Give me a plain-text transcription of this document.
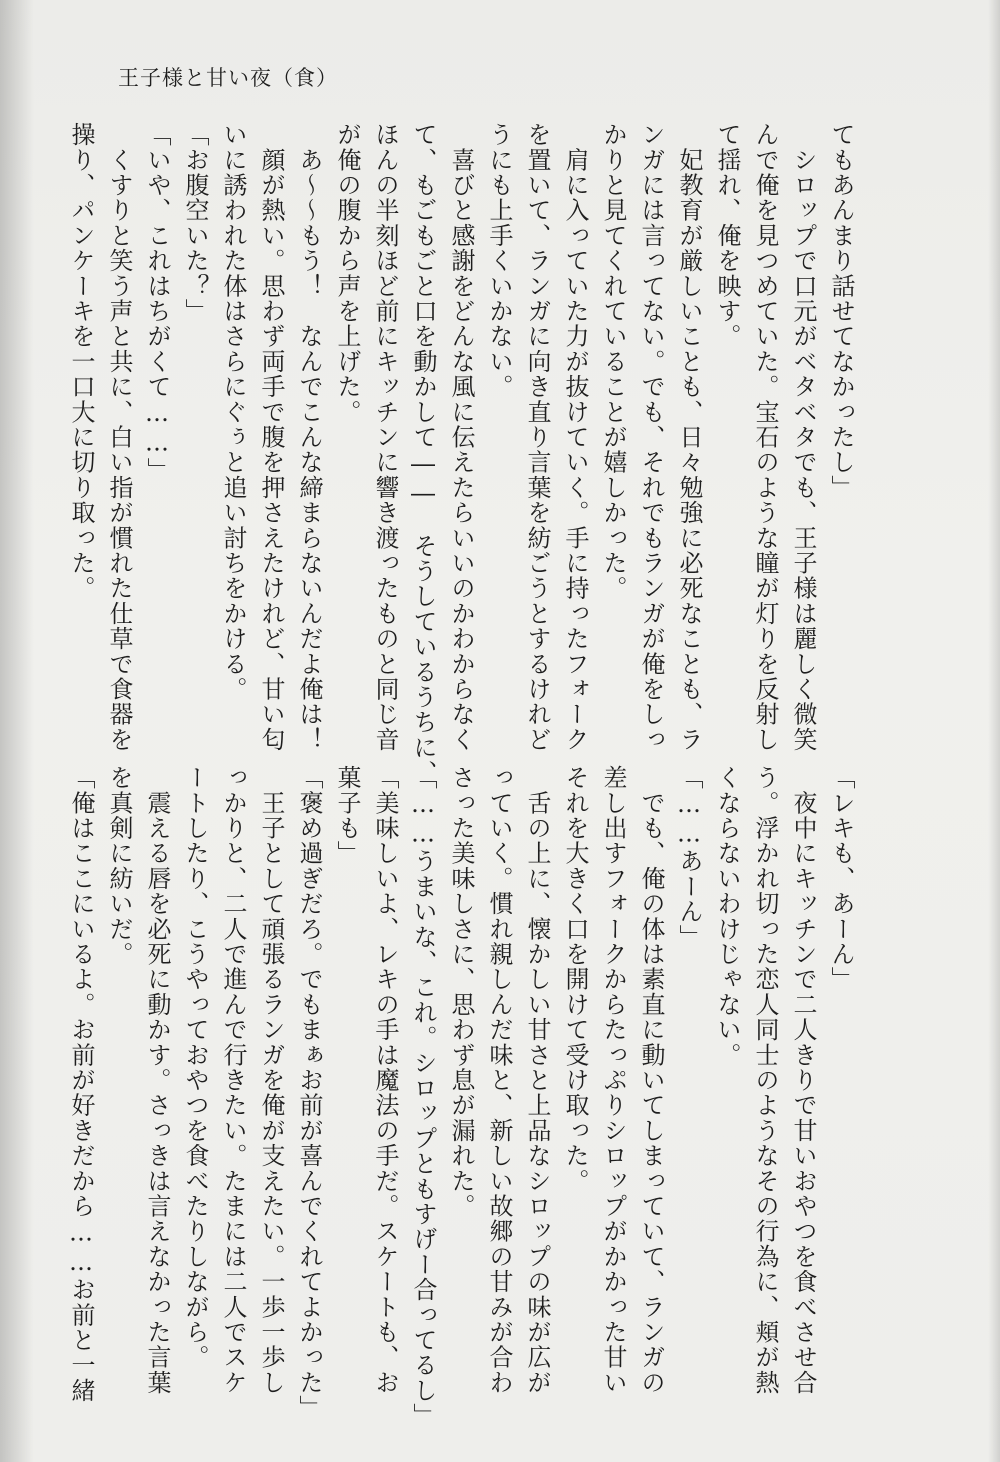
王子様と甘い夜（食）
てもあんまり話せてなかったし」
　シロップで口元がベタベタでも、王子様は麗しく微笑
んで俺を見つめていた。宝石のような瞳が灯りを反射し
て揺れ、俺を映す。
　妃教育が厳しいことも、日々勉強に必死なことも、ラ
ンガには言ってない。でも、それでもランガが俺をしっ
かりと見てくれていることが嬉しかった。
　肩に入っていた力が抜けていく。手に持ったフォーク
を置いて、ランガに向き直り言葉を紡ごうとするけれど
うにも上手くいかない。
　喜びと感謝をどんな風に伝えたらいいのかわからなく
て、もごもごと口を動かして――　そうしているうちに、
ほんの半刻ほど前にキッチンに響き渡ったものと同じ音
が俺の腹から声を上げた。
　あ～～もう！　なんでこんな締まらないんだよ俺は！
　顔が熱い。思わず両手で腹を押さえたけれど、甘い匂
いに誘われた体はさらにぐぅと追い討ちをかける。
「お腹空いた？」
「いや、これはちがくて……」
　くすりと笑う声と共に、白い指が慣れた仕草で食器を
操り、パンケーキを一口大に切り取った。
「レキも、あーん」
　夜中にキッチンで二人きりで甘いおやつを食べさせ合
う。浮かれ切った恋人同士のようなその行為に、頬が熱
くならないわけじゃない。
「……あーん」
　でも、俺の体は素直に動いてしまっていて、ランガの
差し出すフォークからたっぷりシロップがかかった甘い
それを大きく口を開けて受け取った。
　舌の上に、懐かしい甘さと上品なシロップの味が広が
っていく。慣れ親しんだ味と、新しい故郷の甘みが合わ
さった美味しさに、思わず息が漏れた。
「……うまいな、これ。シロップともすげー合ってるし」
「美味しいよ、レキの手は魔法の手だ。スケートも、お
菓子も」
「褒め過ぎだろ。でもまぁお前が喜んでくれてよかった」
　王子として頑張るランガを俺が支えたい。一歩一歩し
っかりと、二人で進んで行きたい。たまには二人でスケ
ートしたり、こうやっておやつを食べたりしながら。
　震える唇を必死に動かす。さっきは言えなかった言葉
を真剣に紡いだ。
「俺はここにいるよ。お前が好きだから……お前と一緒
